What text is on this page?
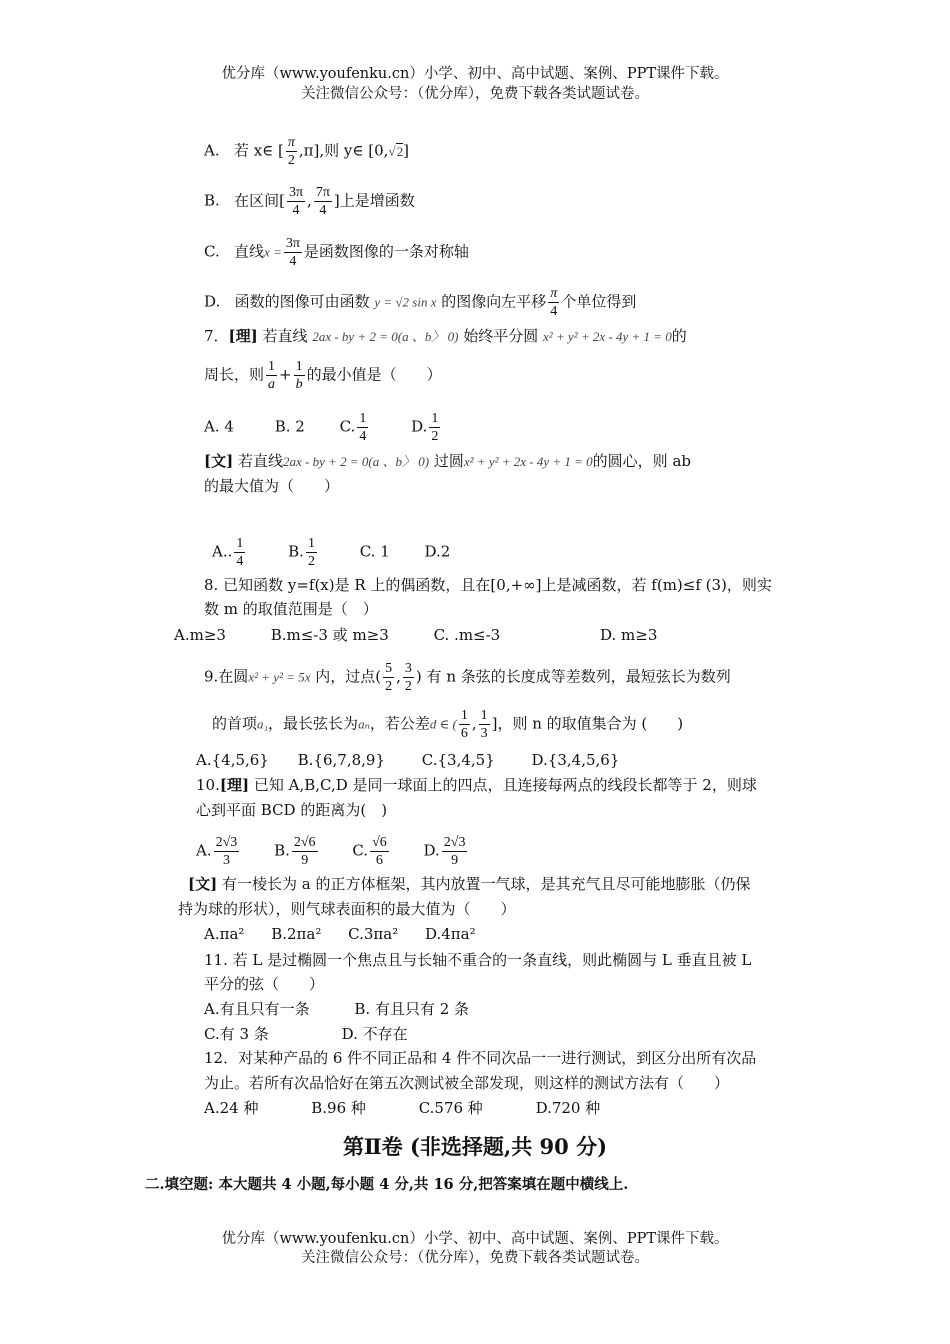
优分库（www.youfenku.cn）小学、初中、高中试题、案例、PPT课件下载。
关注微信公众号：（优分库），免费下载各类试题试卷。
A. 若 x∈ [ $\frac{\pi}{2} ,\pi$],则 y∈ [0,√2]
B. 在区间[ $\frac{3\pi}{4}$ , $\frac{7\pi}{4}$ ]上是增函数
C. 直线$x = \frac{3\pi}{4}$ 是函数图像的一条对称轴
D. 函数的图像可由函数 y = √2 sin x 的图像向左平移 $\frac{\pi}{4}$ 个单位得到
7．[理] 若直线 2ax - by + 2 = 0(a 、b〉 0) 始终平分圆 x² + y² + 2x - 4y + 1 = 0的
周长，则 $\frac{1}{a} + \frac{1}{b}$ 的最小值是（　　）
A. 4	B. 2 C. $\frac{1}{4}$	D. $\frac{1}{2}$
[文] 若直线2ax - by + 2 = 0(a 、b〉 0) 过圆x² + y² + 2x - 4y + 1 = 0的圆心，则 ab
的最大值为（　　）
A.. $\frac{1}{4}$	B. $\frac{1}{2}$	C. 1 D.2
8. 已知函数 y=f(x)是 R 上的偶函数，且在[0,+∞]上是减函数，若 f(m)≤f (3)，则实
数 m 的取值范围是（　）
A.m≥3	B.m≤-3 或 m≥3	C. .m≤-3	D. m≥3
9.在圆x² + y² = 5x 内，过点( $\frac{5}{2}$ , $\frac{3}{2}$ ) 有 n 条弦的长度成等差数列，最短弦长为数列
的首项a₁，最长弦长为aₙ，若公差d ∈ ( $\frac{1}{6}$ , $\frac{1}{3}$ ]，则 n 的取值集合为 (　　)
A.{4,5,6} B.{6,7,8,9} C.{3,4,5} D.{3,4,5,6}
10.[理] 已知 A,B,C,D 是同一球面上的四点，且连接每两点的线段长都等于 2，则球
心到平面 BCD 的距离为(　)
A. $\frac{2√3}{3} B$. $\frac{2√6}{9} C$. $\frac{√6}{6} D$. $\frac{2√3}{9}$
[文] 有一棱长为 a 的正方体框架，其内放置一气球，是其充气且尽可能地膨胀（仍保
持为球的形状），则气球表面积的最大值为（　　）
A.πa² B.2πa² C.3πa² D.4πa²
11. 若 L 是过椭圆一个焦点且与长轴不重合的一条直线，则此椭圆与 L 垂直且被 L
平分的弦（　　）
A.有且只有一条	B. 有且只有 2 条
C.有 3 条	D. 不存在
12．对某种产品的 6 件不同正品和 4 件不同次品一一进行测试，到区分出所有次品
为止。若所有次品恰好在第五次测试被全部发现，则这样的测试方法有（　　）
A.24 种	B.96 种	C.576 种	D.720 种
第Ⅱ卷 (非选择题,共 90 分)
二.填空题: 本大题共 4 小题,每小题 4 分,共 16 分,把答案填在题中横线上.
优分库（www.youfenku.cn）小学、初中、高中试题、案例、PPT课件下载。
关注微信公众号：（优分库），免费下载各类试题试卷。
